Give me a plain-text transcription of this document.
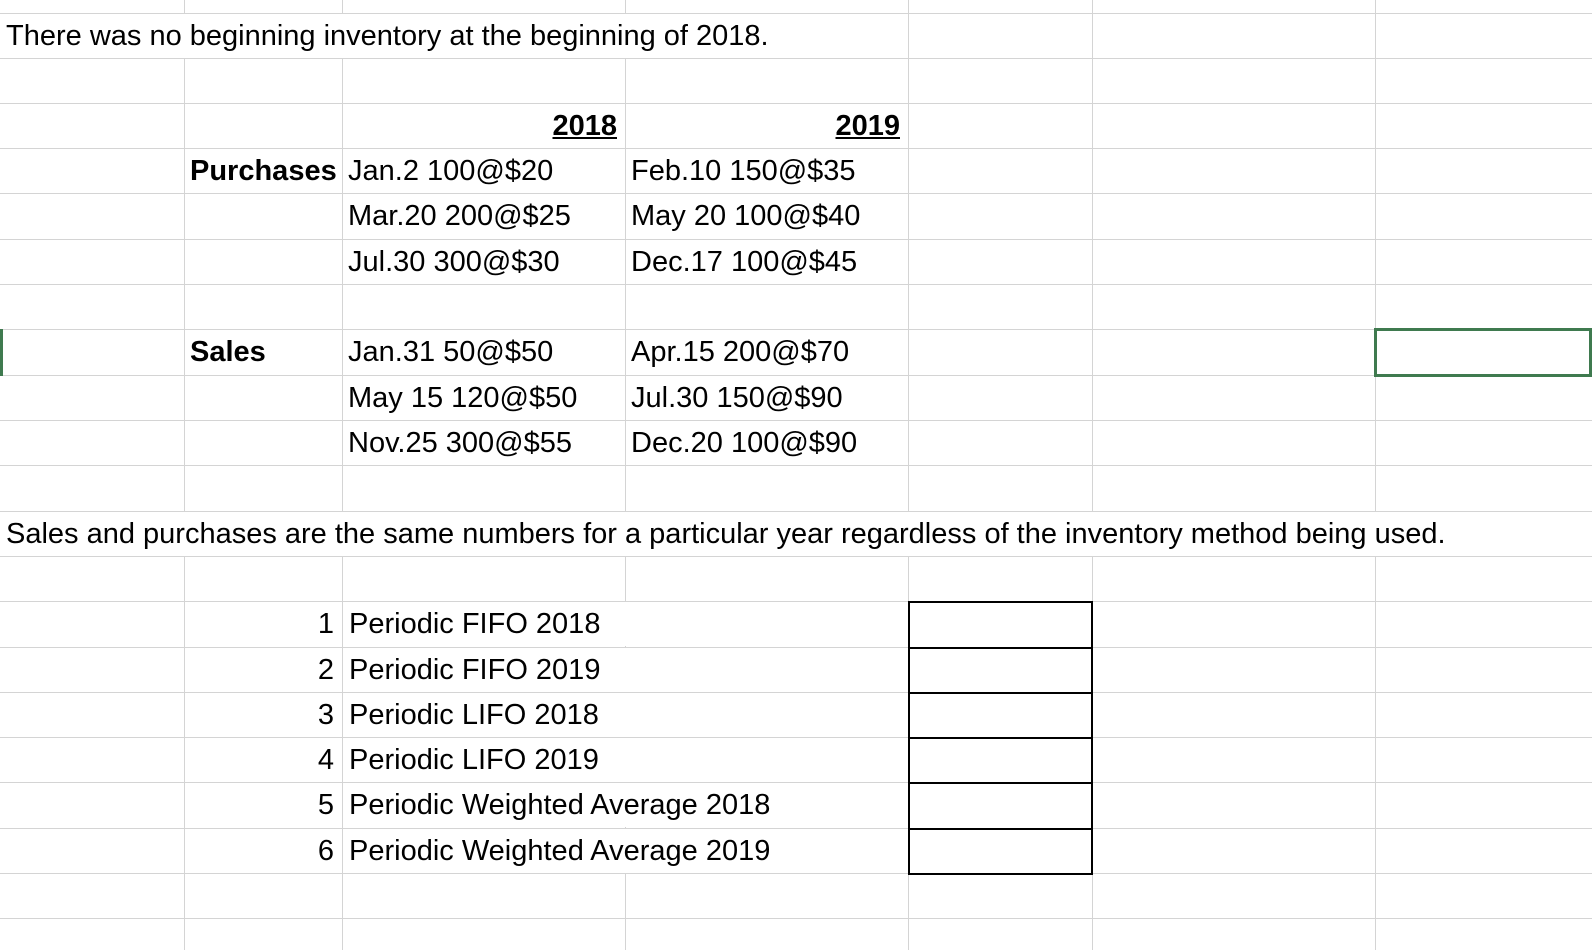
There was no beginning inventory at the beginning of 2018.
2018	2019
Purchases Jan.2 100@$20	Feb.10 150@$35
Mar.20 200@$25	May 20 100@$40
Jul.30 300@$30	Dec.17 100@$45
Sales	Jan.31 50@$50	Apr.15 200@$70
May 15 120@$50	Jul.30 150@$90
Nov.25 300@$55	Dec.20 100@$90
Sales and purchases are the same numbers for a particular year regardless of the inventory method being used.
1 Periodic FIFO 2018
2 Periodic FIFO 2019
3 Periodic LIFO 2018
4 Periodic LIFO 2019
5 Periodic Weighted Average 2018
6 Periodic Weighted Average 2019
